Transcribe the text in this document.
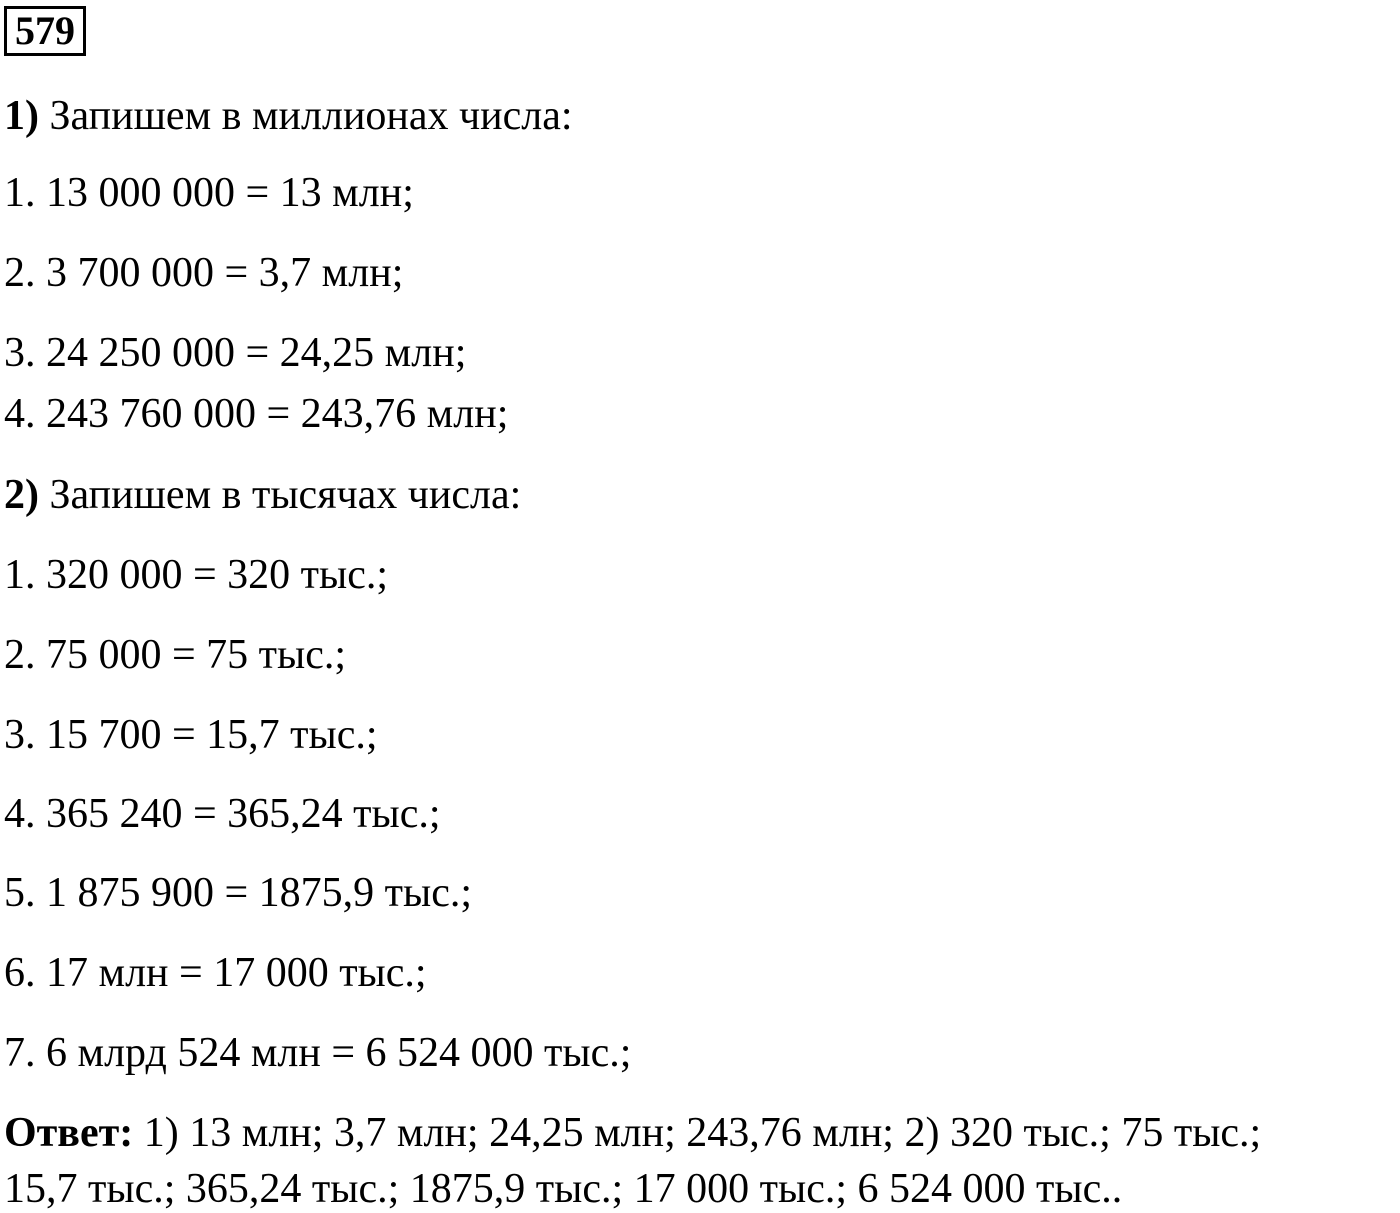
579
1) Запишем в миллионах числа:
1. 13 000 000 = 13 млн;
2. 3 700 000 = 3,7 млн;
3. 24 250 000 = 24,25 млн;
4. 243 760 000 = 243,76 млн;
2) Запишем в тысячах числа:
1. 320 000 = 320 тыс.;
2. 75 000 = 75 тыс.;
3. 15 700 = 15,7 тыс.;
4. 365 240 = 365,24 тыс.;
5. 1 875 900 = 1875,9 тыс.;
6. 17 млн = 17 000 тыс.;
7. 6 млрд 524 млн = 6 524 000 тыс.;
Ответ: 1) 13 млн; 3,7 млн; 24,25 млн; 243,76 млн; 2) 320 тыс.; 75 тыс.;
15,7 тыс.; 365,24 тыс.; 1875,9 тыс.; 17 000 тыс.; 6 524 000 тыс..
